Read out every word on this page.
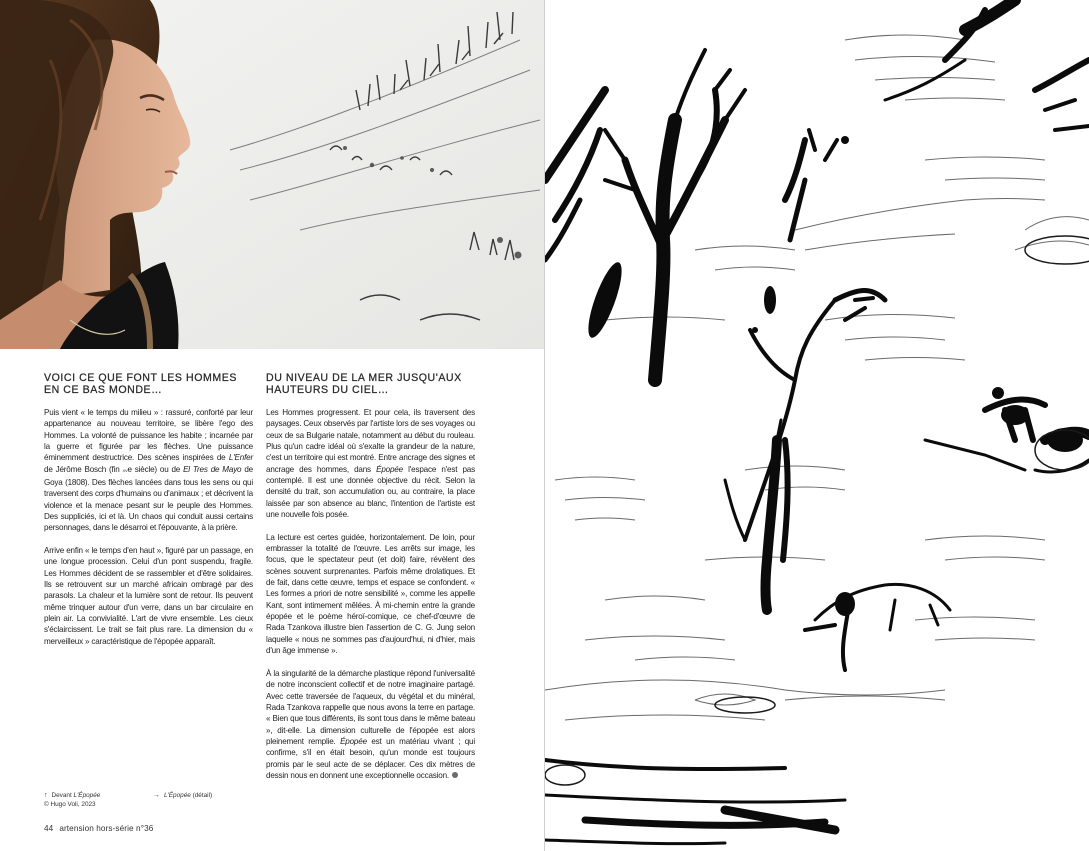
VOICI CE QUE FONT LES HOMMES EN CE BAS MONDE…

Puis vient « le temps du milieu » : rassuré, conforté par leur appartenance au nouveau territoire, se libère l'ego des Hommes. La volonté de puissance les habite ; incarnée par la guerre et figurée par les flèches. Une puissance éminemment destructrice. Des scènes inspirées de L'Enfer de Jérôme Bosch (fin xve siècle) ou de El Tres de Mayo de Goya (1808). Des flèches lancées dans tous les sens ou qui traversent des corps d'humains ou d'animaux ; et décrivent la violence et la menace pesant sur le peuple des Hommes. Des suppliciés, ici et là. Un chaos qui conduit aussi certains personnages, dans le désarroi et l'épouvante, à la prière.

Arrive enfin « le temps d'en haut », figuré par un passage, en une longue procession. Celui d'un pont suspendu, fragile. Les Hommes décident de se rassembler et d'être solidaires. Ils se retrouvent sur un marché africain ombragé par des parasols. La chaleur et la lumière sont de retour. Ils peuvent même trinquer autour d'un verre, dans un bar circulaire en plein air. La convivialité. L'art de vivre ensemble. Les cieux s'éclaircissent. Le trait se fait plus rare. La dimension du « merveilleux » caractéristique de l'épopée apparaît.

DU NIVEAU DE LA MER JUSQU'AUX HAUTEURS DU CIEL…

Les Hommes progressent. Et pour cela, ils traversent des paysages. Ceux observés par l'artiste lors de ses voyages ou ceux de sa Bulgarie natale, notamment au début du rouleau. Plus qu'un cadre idéal où s'exalte la grandeur de la nature, c'est un territoire qui est montré. Entre ancrage des signes et ancrage des hommes, dans Épopée l'espace n'est pas contemplé. Il est une donnée objective du récit. Selon la densité du trait, son accumulation ou, au contraire, la place laissée par son absence au blanc, l'intention de l'artiste est une nouvelle fois posée.

La lecture est certes guidée, horizontalement. De loin, pour embrasser la totalité de l'œuvre. Les arrêts sur image, les focus, que le spectateur peut (et doit) faire, révèlent des scènes souvent surprenantes. Parfois même drolatiques. Et de fait, dans cette œuvre, temps et espace se confondent. « Les formes a priori de notre sensibilité », comme les appelle Kant, sont intimement mêlées. À mi-chemin entre la grande épopée et le poème héroï-comique, ce chef-d'œuvre de Rada Tzankova illustre bien l'assertion de C. G. Jung selon laquelle « nous ne sommes pas d'aujourd'hui, ni d'hier, mais d'un âge immense ».

À la singularité de la démarche plastique répond l'universalité de notre inconscient collectif et de notre imaginaire partagé. Avec cette traversée de l'aqueux, du végétal et du minéral, Rada Tzankova rappelle que nous avons la terre en partage. « Bien que tous différents, ils sont tous dans le même bateau », dit-elle. La dimension culturelle de l'épopée est alors pleinement remplie. Épopée est un matériau vivant ; qui confirme, s'il en était besoin, qu'un monde est toujours promis par le seul acte de se déplacer. Ces dix mètres de dessin nous en donnent une exceptionnelle occasion.

↑ Devant L'Épopée
© Hugo Voli, 2023
→ L'Épopée (détail)
44 artension hors-série n°36
